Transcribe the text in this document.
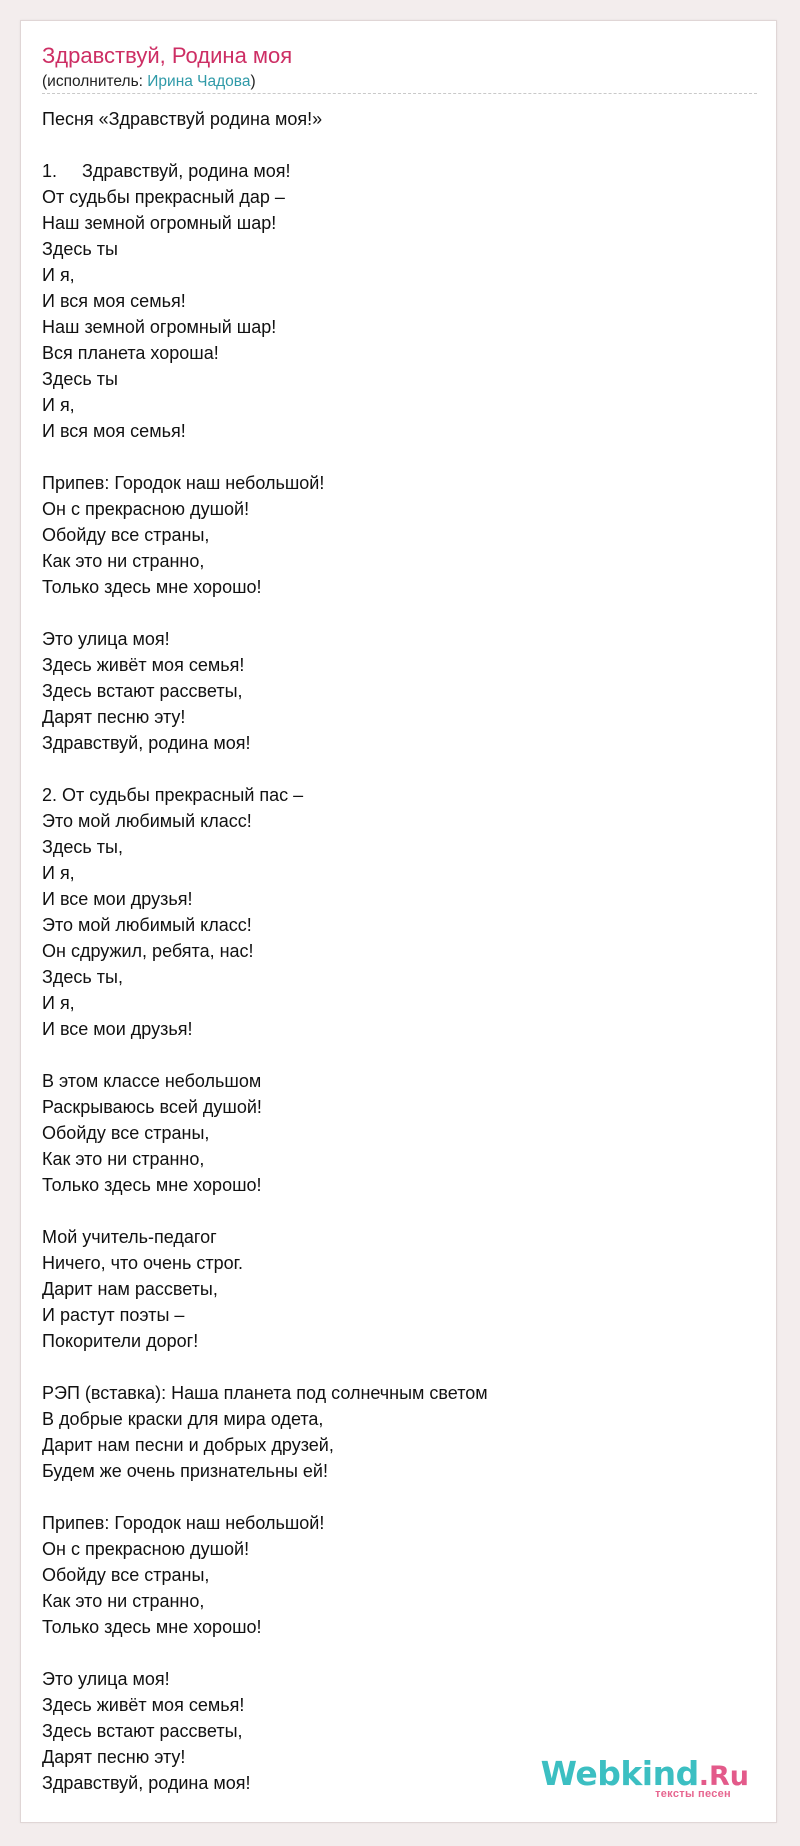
Здравствуй, Родина моя
(исполнитель: Ирина Чадова)
Песня «Здравствуй родина моя!»

1.     Здравствуй, родина моя!
От судьбы прекрасный дар –
Наш земной огромный шар!
Здесь ты
И я,
И вся моя семья!
Наш земной огромный шар!
Вся планета хороша!
Здесь ты
И я,
И вся моя семья!

Припев: Городок наш небольшой!
Он с прекрасною душой!
Обойду все страны,
Как это ни странно,
Только здесь мне хорошо!

Это улица моя!
Здесь живёт моя семья!
Здесь встают рассветы,
Дарят песню эту!
Здравствуй, родина моя!

2. От судьбы прекрасный пас –
Это мой любимый класс!
Здесь ты,
И я,
И все мои друзья!
Это мой любимый класс!
Он сдружил, ребята, нас!
Здесь ты,
И я,
И все мои друзья!

В этом классе небольшом
Раскрываюсь всей душой!
Обойду все страны,
Как это ни странно,
Только здесь мне хорошо!

Мой учитель-педагог
Ничего, что очень строг.
Дарит нам рассветы,
И растут поэты –
Покорители дорог!

РЭП (вставка): Наша планета под солнечным светом
В добрые краски для мира одета,
Дарит нам песни и добрых друзей,
Будем же очень признательны ей!

Припев: Городок наш небольшой!
Он с прекрасною душой!
Обойду все страны,
Как это ни странно,
Только здесь мне хорошо!

Это улица моя!
Здесь живёт моя семья!
Здесь встают рассветы,
Дарят песню эту!
Здравствуй, родина моя!	Webkind.Ru
тексты песен
